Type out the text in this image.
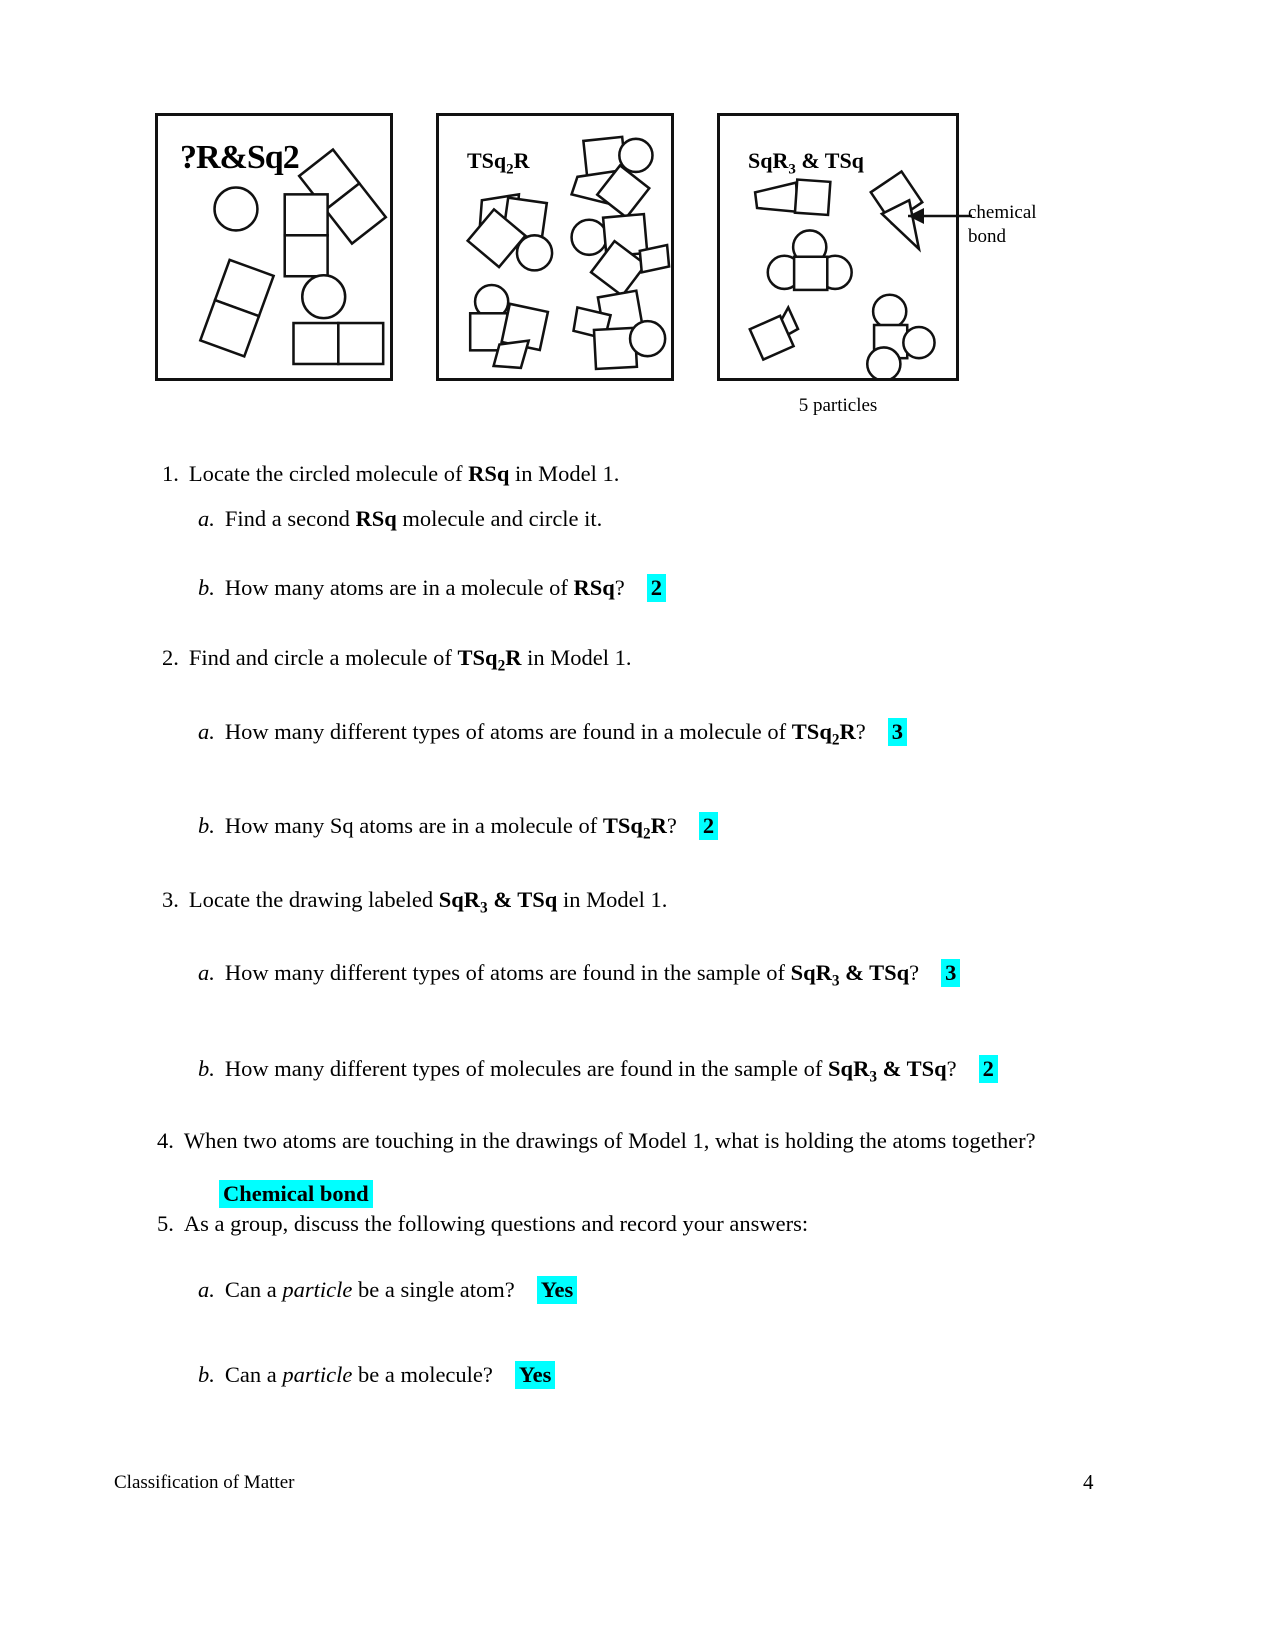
?R&Sq2	TSq$_2$R	SqR$_3$ & TSq
chemical
bond
5 particles
1. Locate the circled molecule of RSq in Model 1.
a. Find a second RSq molecule and circle it.
b. How many atoms are in a molecule of RSq? 2
2. Find and circle a molecule of TSq$_2$R in Model 1.
a. How many different types of atoms are found in a molecule of TSq$_2$R? 3
b. How many Sq atoms are in a molecule of TSq$_2$R? 2
3. Locate the drawing labeled SqR$_3$ & TSq in Model 1.
a. How many different types of atoms are found in the sample of SqR$_3$ & TSq? 3
b. How many different types of molecules are found in the sample of SqR$_3$ & TSq? 2
4. When two atoms are touching in the drawings of Model 1, what is holding the atoms together?
Chemical bond
5. As a group, discuss the following questions and record your answers:
a. Can a particle be a single atom? Yes
b. Can a particle be a molecule? Yes
Classification of Matter	4
